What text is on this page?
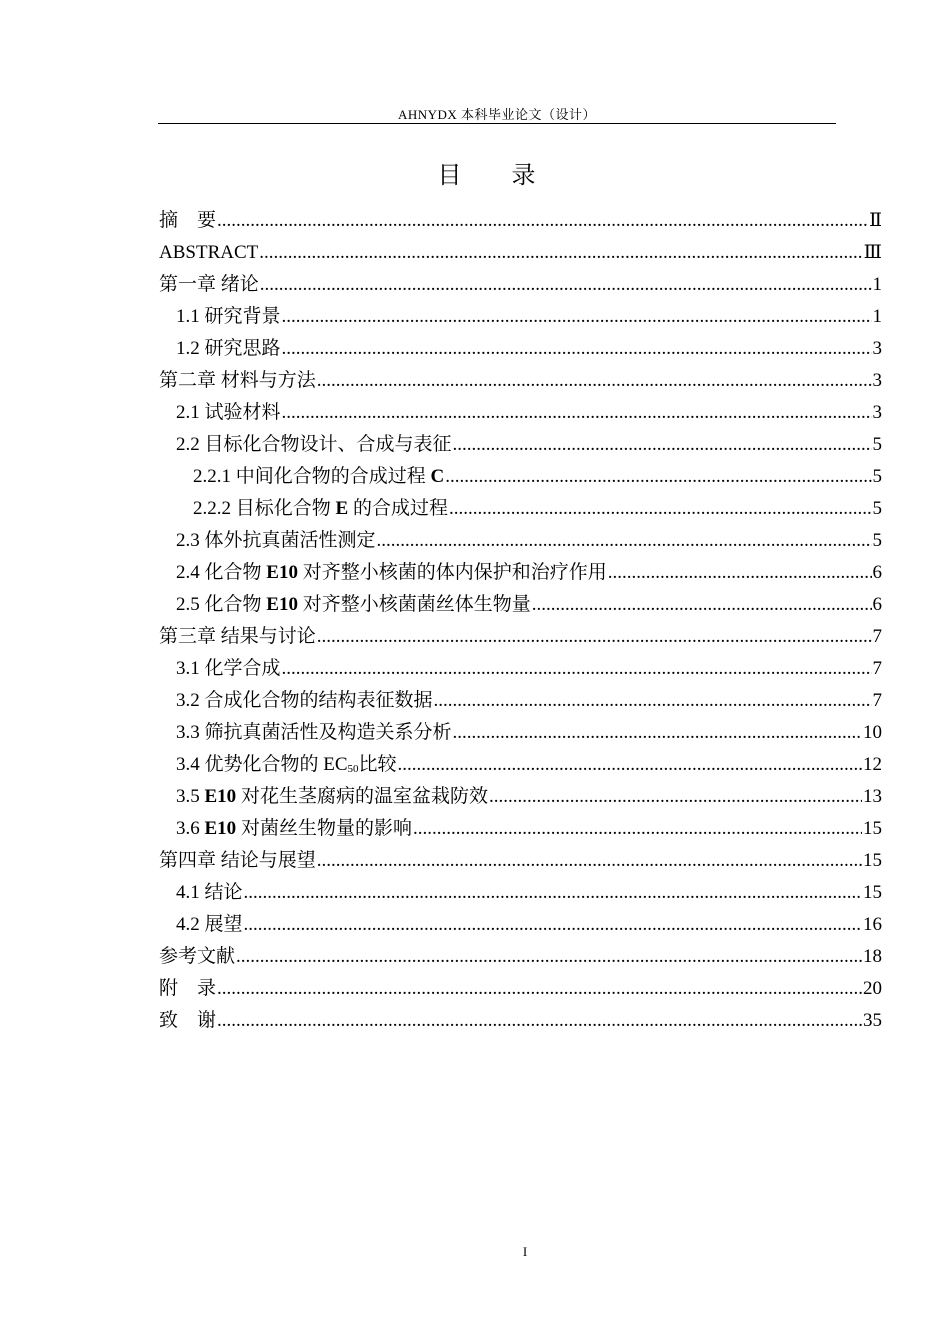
AHNYDX 本科毕业论文（设计）
目 录
摘　要 .....	Ⅱ
ABSTRACT .....	Ⅲ
第一章 绪论 .....	1
1.1 研究背景 .....	1
1.2 研究思路 .....	3
第二章 材料与方法 .....	3
2.1 试验材料 .....	3
2.2 目标化合物设计、合成与表征 .....	5
2.2.1 中间化合物的合成过程 C .....	5
2.2.2 目标化合物 E 的合成过程 .....	5
2.3 体外抗真菌活性测定 .....	5
2.4 化合物 E10 对齐整小核菌的体内保护和治疗作用 .....	6
2.5 化合物 E10 对齐整小核菌菌丝体生物量 .....	6
第三章 结果与讨论 .....	7
3.1 化学合成 .....	7
3.2 合成化合物的结构表征数据 .....	7
3.3 筛抗真菌活性及构造关系分析 .....	10
3.4 优势化合物的 $EC_{50}$比较 .....	12
3.5 E10 对花生茎腐病的温室盆栽防效 .....	13
3.6 E10 对菌丝生物量的影响 .....	15
第四章 结论与展望 .....	15
4.1 结论 .....	15
4.2 展望 .....	16
参考文献 .....	18
附　录 .....	20
致　谢 .....	35
I
